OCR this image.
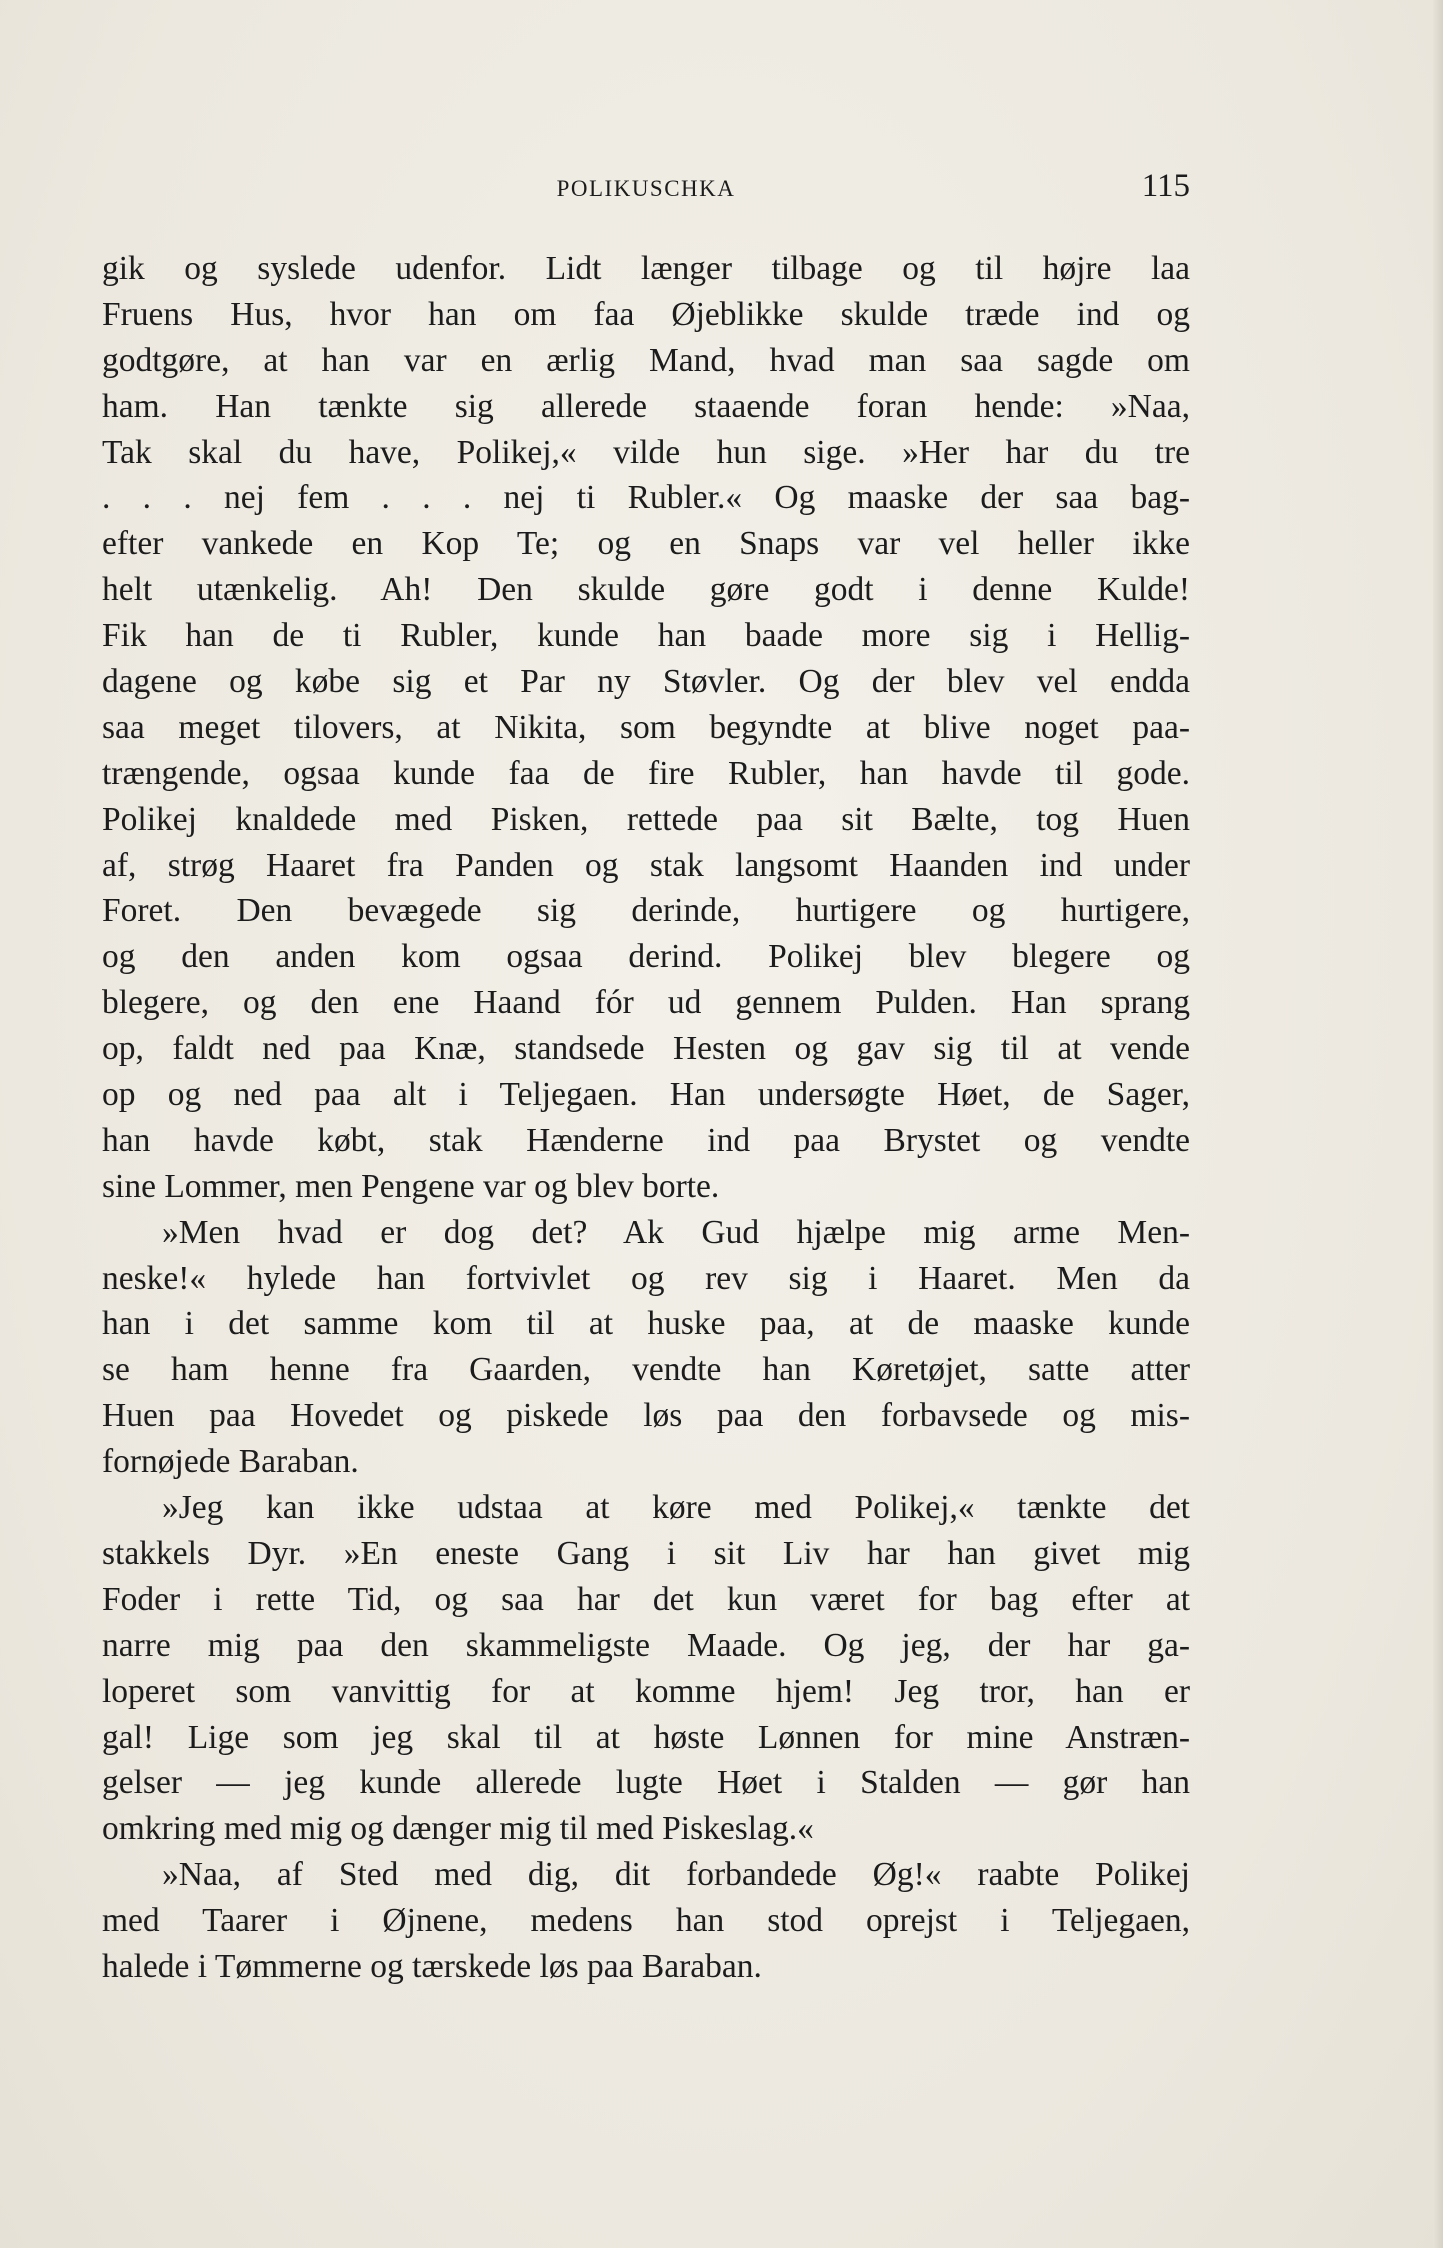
POLIKUSCHKA	115
gik og syslede udenfor. Lidt længer tilbage og til højre laa
Fruens Hus, hvor han om faa Øjeblikke skulde træde ind og
godtgøre, at han var en ærlig Mand, hvad man saa sagde om
ham. Han tænkte sig allerede staaende foran hende: »Naa,
Tak skal du have, Polikej,« vilde hun sige. »Her har du tre
. . . nej fem . . . nej ti Rubler.« Og maaske der saa bag-
efter vankede en Kop Te; og en Snaps var vel heller ikke
helt utænkelig. Ah! Den skulde gøre godt i denne Kulde!
Fik han de ti Rubler, kunde han baade more sig i Hellig-
dagene og købe sig et Par ny Støvler. Og der blev vel endda
saa meget tilovers, at Nikita, som begyndte at blive noget paa-
trængende, ogsaa kunde faa de fire Rubler, han havde til gode.
Polikej knaldede med Pisken, rettede paa sit Bælte, tog Huen
af, strøg Haaret fra Panden og stak langsomt Haanden ind under
Foret. Den bevægede sig derinde, hurtigere og hurtigere,
og den anden kom ogsaa derind. Polikej blev blegere og
blegere, og den ene Haand fór ud gennem Pulden. Han sprang
op, faldt ned paa Knæ, standsede Hesten og gav sig til at vende
op og ned paa alt i Teljegaen. Han undersøgte Høet, de Sager,
han havde købt, stak Hænderne ind paa Brystet og vendte
sine Lommer, men Pengene var og blev borte.
»Men hvad er dog det? Ak Gud hjælpe mig arme Men-
neske!« hylede han fortvivlet og rev sig i Haaret. Men da
han i det samme kom til at huske paa, at de maaske kunde
se ham henne fra Gaarden, vendte han Køretøjet, satte atter
Huen paa Hovedet og piskede løs paa den forbavsede og mis-
fornøjede Baraban.
»Jeg kan ikke udstaa at køre med Polikej,« tænkte det
stakkels Dyr. »En eneste Gang i sit Liv har han givet mig
Foder i rette Tid, og saa har det kun været for bag efter at
narre mig paa den skammeligste Maade. Og jeg, der har ga-
loperet som vanvittig for at komme hjem! Jeg tror, han er
gal! Lige som jeg skal til at høste Lønnen for mine Anstræn-
gelser — jeg kunde allerede lugte Høet i Stalden — gør han
omkring med mig og dænger mig til med Piskeslag.«
»Naa, af Sted med dig, dit forbandede Øg!« raabte Polikej
med Taarer i Øjnene, medens han stod oprejst i Teljegaen,
halede i Tømmerne og tærskede løs paa Baraban.
